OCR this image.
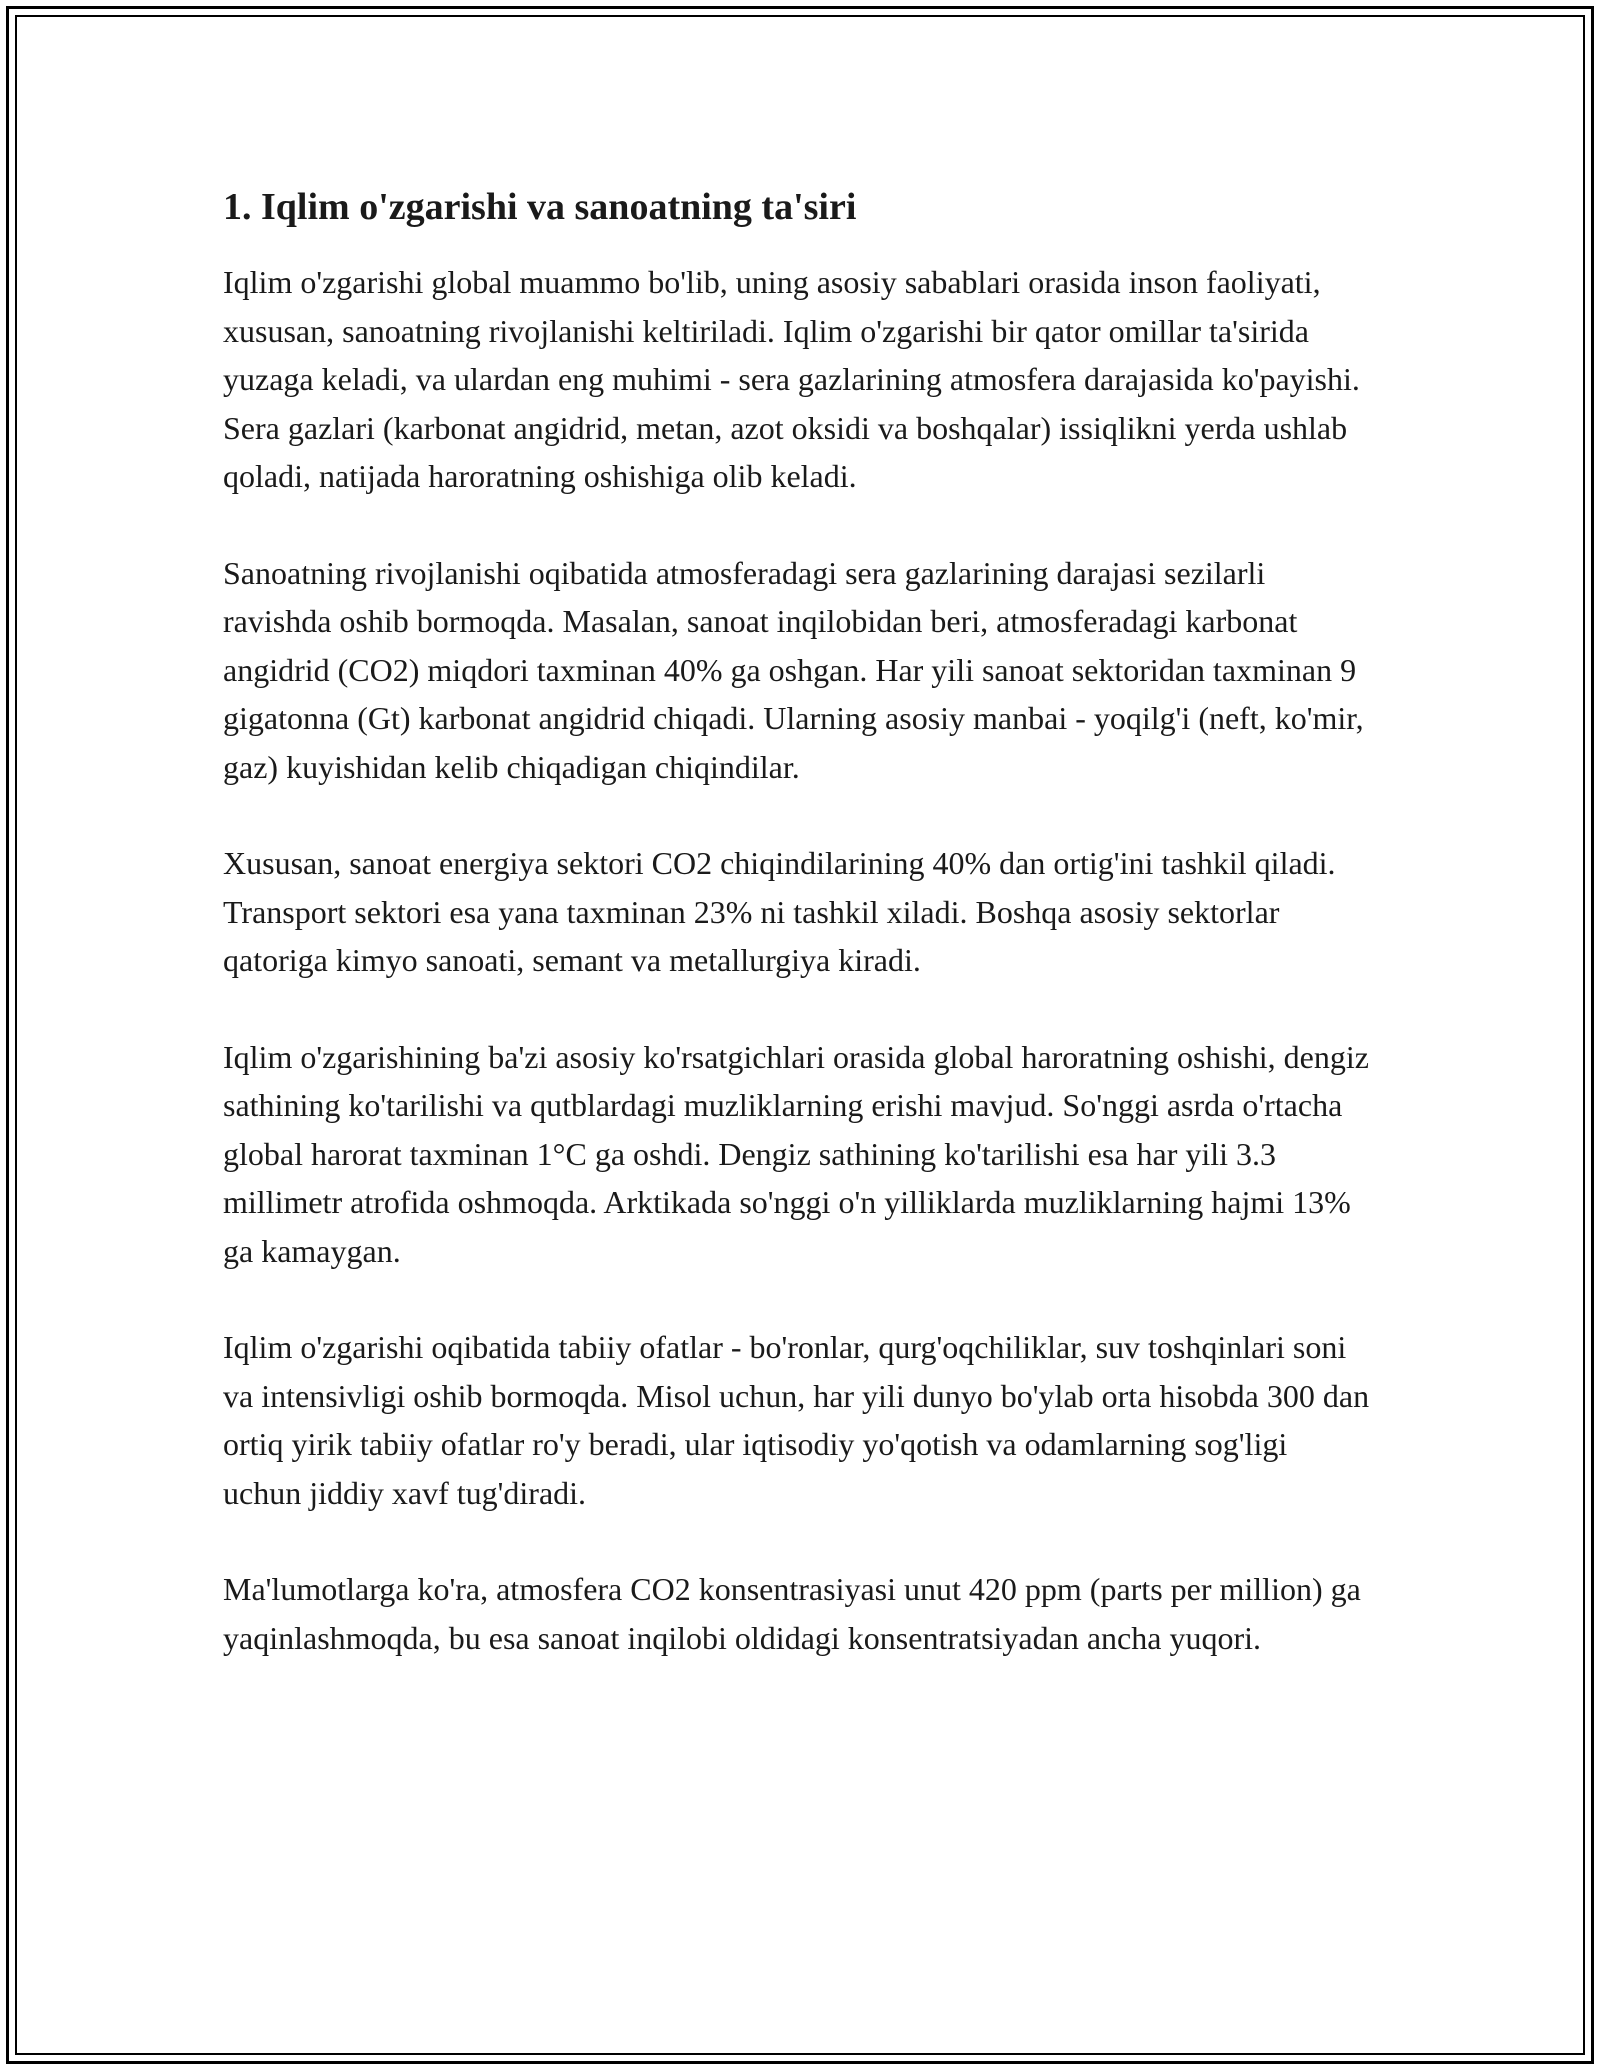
1. Iqlim o'zgarishi va sanoatning ta'siri

Iqlim o'zgarishi global muammo bo'lib, uning asosiy sabablari orasida inson faoliyati, xususan, sanoatning rivojlanishi keltiriladi. Iqlim o'zgarishi bir qator omillar ta'sirida yuzaga keladi, va ulardan eng muhimi - sera gazlarining atmosfera darajasida ko'payishi. Sera gazlari (karbonat angidrid, metan, azot oksidi va boshqalar) issiqlikni yerda ushlab qoladi, natijada haroratning oshishiga olib keladi.

Sanoatning rivojlanishi oqibatida atmosferadagi sera gazlarining darajasi sezilarli ravishda oshib bormoqda. Masalan, sanoat inqilobidan beri, atmosferadagi karbonat angidrid (CO2) miqdori taxminan 40% ga oshgan. Har yili sanoat sektoridan taxminan 9 gigatonna (Gt) karbonat angidrid chiqadi. Ularning asosiy manbai - yoqilg'i (neft, ko'mir, gaz) kuyishidan kelib chiqadigan chiqindilar.

Xususan, sanoat energiya sektori CO2 chiqindilarining 40% dan ortig'ini tashkil qiladi. Transport sektori esa yana taxminan 23% ni tashkil xiladi. Boshqa asosiy sektorlar qatoriga kimyo sanoati, semant va metallurgiya kiradi.

Iqlim o'zgarishining ba'zi asosiy ko'rsatgichlari orasida global haroratning oshishi, dengiz sathining ko'tarilishi va qutblardagi muzliklarning erishi mavjud. So'nggi asrda o'rtacha global harorat taxminan 1°C ga oshdi. Dengiz sathining ko'tarilishi esa har yili 3.3 millimetr atrofida oshmoqda. Arktikada so'nggi o'n yilliklarda muzliklarning hajmi 13% ga kamaygan.

Iqlim o'zgarishi oqibatida tabiiy ofatlar - bo'ronlar, qurg'oqchiliklar, suv toshqinlari soni va intensivligi oshib bormoqda. Misol uchun, har yili dunyo bo'ylab orta hisobda 300 dan ortiq yirik tabiiy ofatlar ro'y beradi, ular iqtisodiy yo'qotish va odamlarning sog'ligi uchun jiddiy xavf tug'diradi.

Ma'lumotlarga ko'ra, atmosfera CO2 konsentrasiyasi unut 420 ppm (parts per million) ga yaqinlashmoqda, bu esa sanoat inqilobi oldidagi konsentratsiyadan ancha yuqori.
